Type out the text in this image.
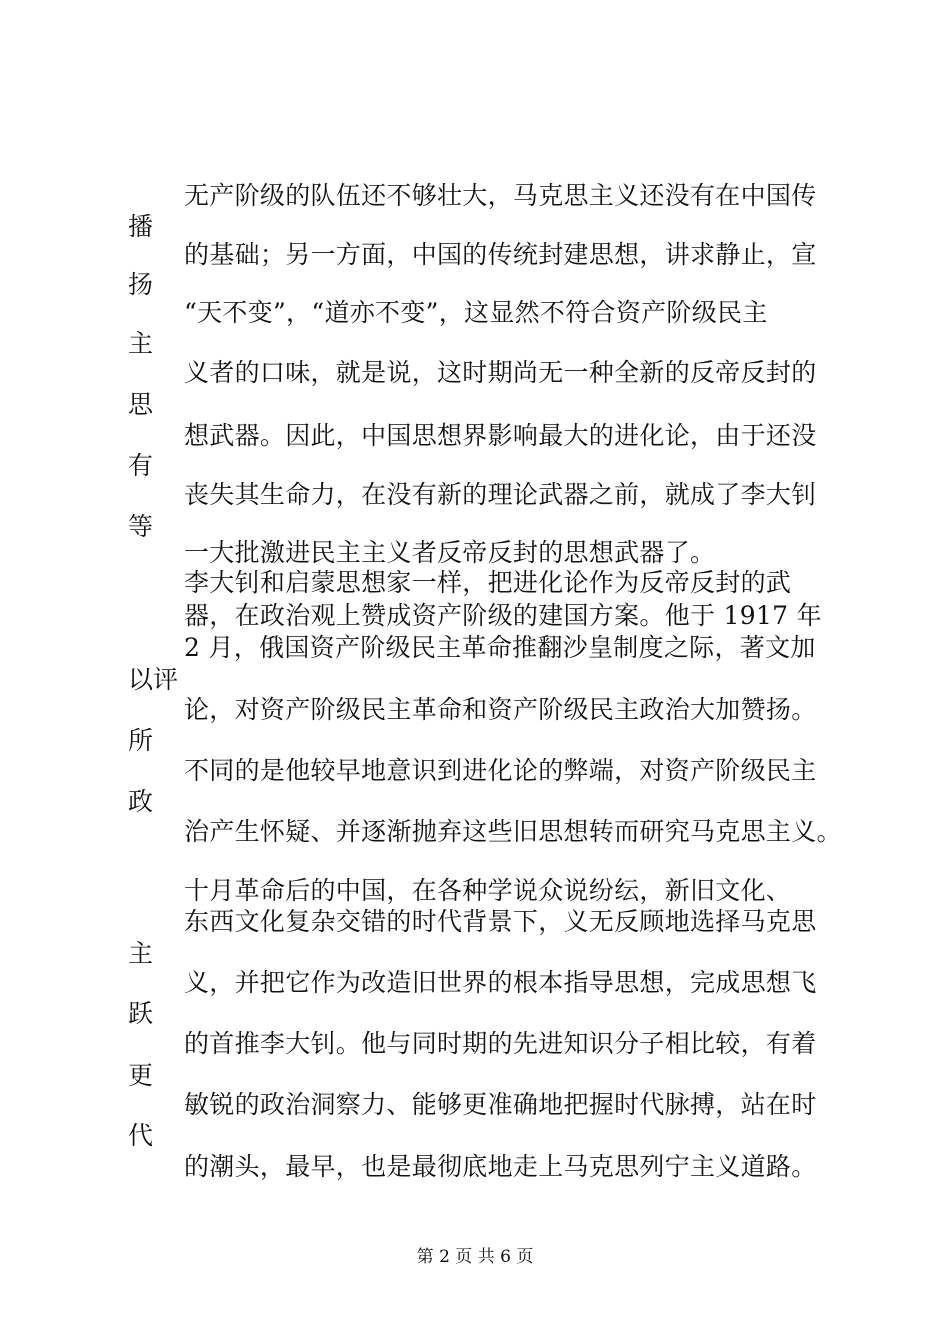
无产阶级的队伍还不够壮大，马克思主义还没有在中国传
播
的基础；另一方面，中国的传统封建思想，讲求静止，宣
扬
“天不变”，“道亦不变”，这显然不符合资产阶级民主
主
义者的口味，就是说，这时期尚无一种全新的反帝反封的
思
想武器。因此，中国思想界影响最大的进化论，由于还没
有
丧失其生命力，在没有新的理论武器之前，就成了李大钊
等
一大批激进民主主义者反帝反封的思想武器了。
李大钊和启蒙思想家一样，把进化论作为反帝反封的武
器，在政治观上赞成资产阶级的建国方案。他于 1917 年
2 月，俄国资产阶级民主革命推翻沙皇制度之际，著文加
以评
论，对资产阶级民主革命和资产阶级民主政治大加赞扬。
所
不同的是他较早地意识到进化论的弊端，对资产阶级民主
政
治产生怀疑、并逐渐抛弃这些旧思想转而研究马克思主义。
十月革命后的中国，在各种学说众说纷纭，新旧文化、
东西文化复杂交错的时代背景下，义无反顾地选择马克思
主
义，并把它作为改造旧世界的根本指导思想，完成思想飞
跃
的首推李大钊。他与同时期的先进知识分子相比较，有着
更
敏锐的政治洞察力、能够更准确地把握时代脉搏，站在时
代
的潮头，最早，也是最彻底地走上马克思列宁主义道路。
第 2 页 共 6 页
